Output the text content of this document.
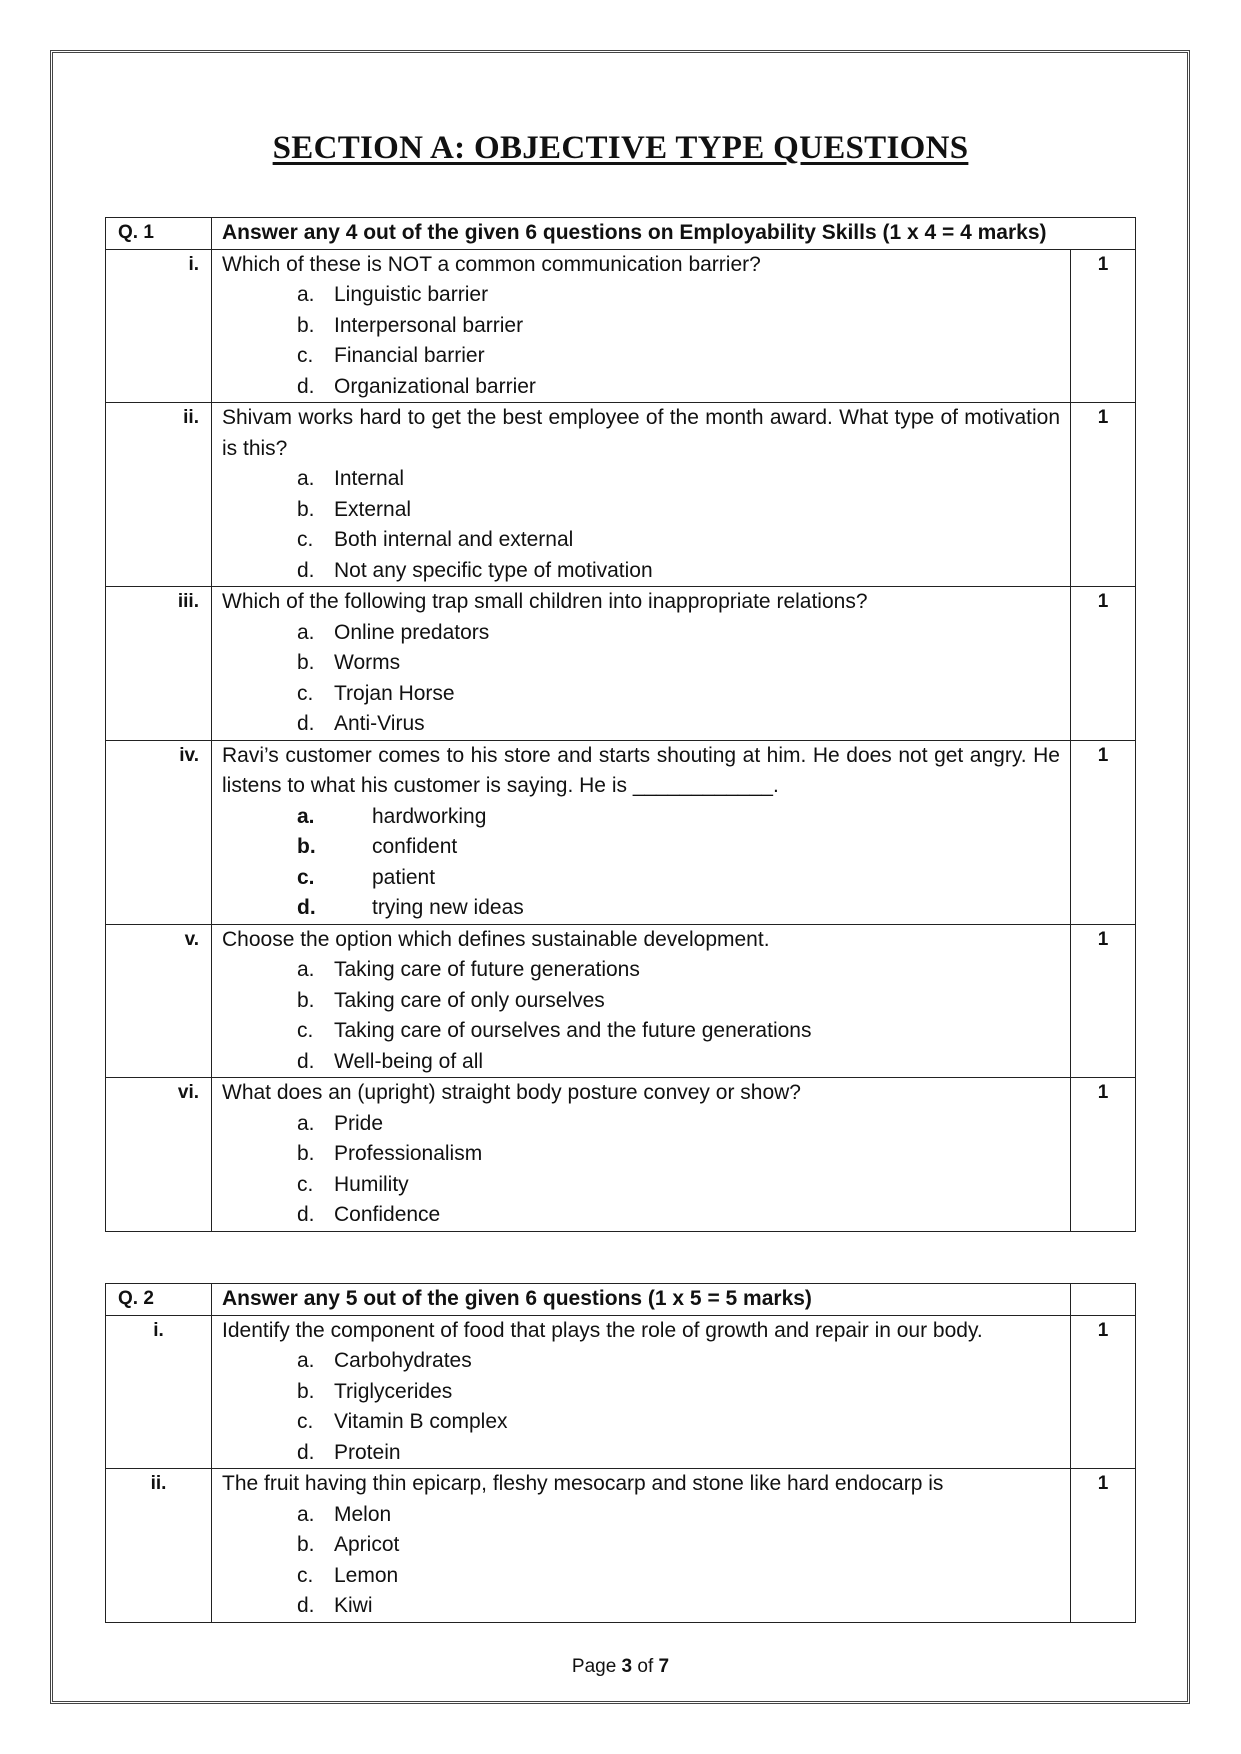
SECTION A: OBJECTIVE TYPE QUESTIONS
Q. 1	Answer any 4 out of the given 6 questions on Employability Skills (1 x 4 = 4 marks)	
i.	Which of these is NOT a common communication barrier?
a. Linguistic barrier
b. Interpersonal barrier
c. Financial barrier
d. Organizational barrier
	1
ii.	Shivam works hard to get the best employee of the month award. What type of motivation is this?
a. Internal
b. External
c. Both internal and external
d. Not any specific type of motivation
	1
iii.	Which of the following trap small children into inappropriate relations?
a. Online predators
b. Worms
c. Trojan Horse
d. Anti-Virus
	1
iv.	Ravi’s customer comes to his store and starts shouting at him. He does not get angry. He listens to what his customer is saying. He is ____________.
a.	hardworking
b.	confident
c.	patient
d.	trying new ideas
	1
v.	Choose the option which defines sustainable development.
a. Taking care of future generations
b. Taking care of only ourselves
c. Taking care of ourselves and the future generations
d. Well-being of all
	1
vi.	What does an (upright) straight body posture convey or show?
a. Pride
b. Professionalism
c. Humility
d. Confidence
	1
Q. 2	Answer any 5 out of the given 6 questions (1 x 5 = 5 marks)	
i.	Identify the component of food that plays the role of growth and repair in our body.
a. Carbohydrates
b. Triglycerides
c. Vitamin B complex
d. Protein
	1
ii.	The fruit having thin epicarp, fleshy mesocarp and stone like hard endocarp is
a. Melon
b. Apricot
c. Lemon
d. Kiwi
	1
Page 3 of 7
